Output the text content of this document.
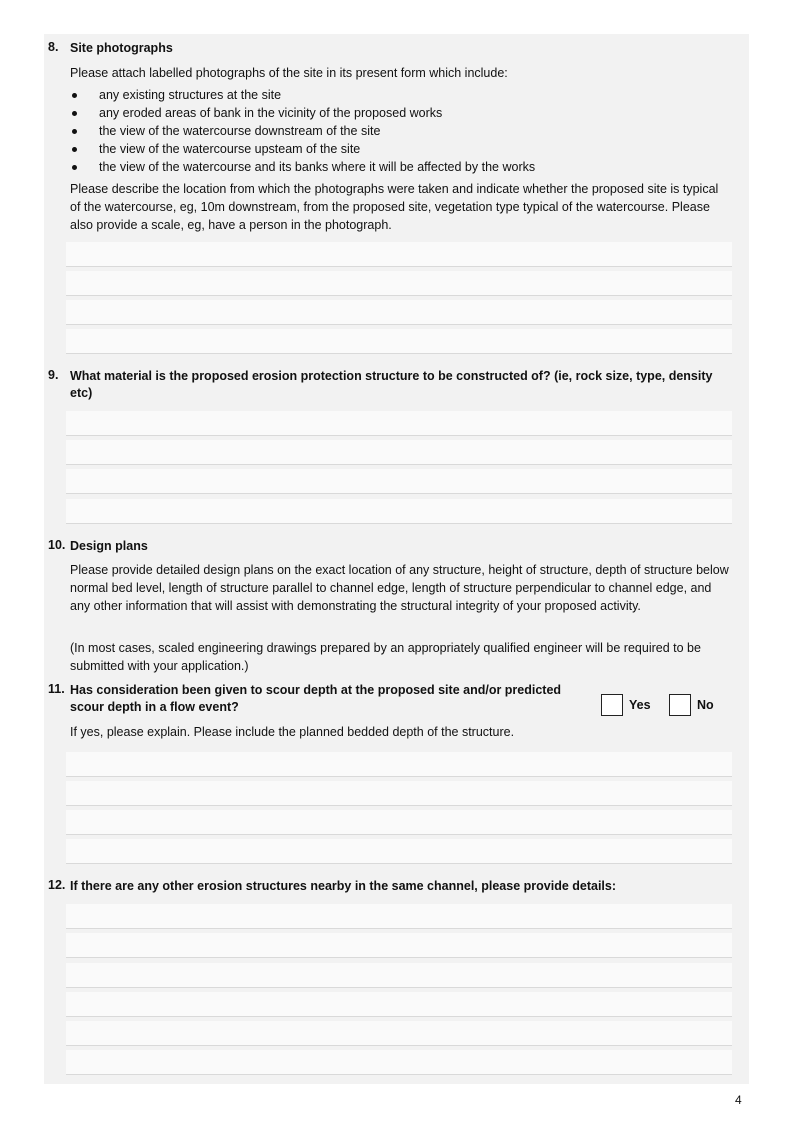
8. Site photographs
Please attach labelled photographs of the site in its present form which include:
any existing structures at the site
any eroded areas of bank in the vicinity of the proposed works
the view of the watercourse downstream of the site
the view of the watercourse upsteam of the site
the view of the watercourse and its banks where it will be affected by the works
Please describe the location from which the photographs were taken and indicate whether the proposed site is typical of the watercourse, eg, 10m downstream, from the proposed site, vegetation type typical of the watercourse. Please also provide a scale, eg, have a person in the photograph.
9. What material is the proposed erosion protection structure to be constructed of? (ie, rock size, type, density etc)
10. Design plans
Please provide detailed design plans on the exact location of any structure, height of structure, depth of structure below normal bed level, length of structure parallel to channel edge, length of structure perpendicular to channel edge, and any other information that will assist with demonstrating the structural integrity of your proposed activity.
(In most cases, scaled engineering drawings prepared by an appropriately qualified engineer will be required to be submitted with your application.)
11. Has consideration been given to scour depth at the proposed site and/or predicted scour depth in a flow event?	Yes	No
If yes, please explain. Please include the planned bedded depth of the structure.
12. If there are any other erosion structures nearby in the same channel, please provide details:
4
